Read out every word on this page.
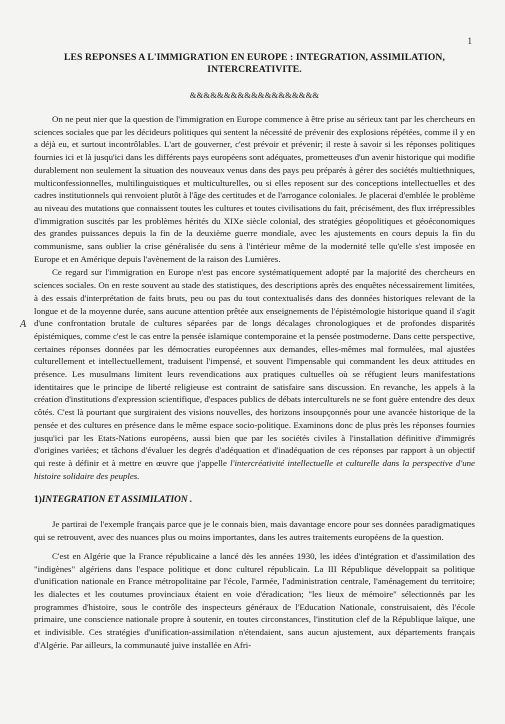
1
LES REPONSES A L'IMMIGRATION EN EUROPE : INTEGRATION, ASSIMILATION, INTERCREATIVITE.
&&&&&&&&&&&&&&&&&&&
A

On ne peut nier que la question de l'immigration en Europe commence à être prise au sérieux tant par les chercheurs en sciences sociales que par les décideurs politiques qui sentent la nécessité de prévenir des explosions répétées, comme il y en a déjà eu, et surtout incontrôlables. L'art de gouverner, c'est prévoir et prévenir; il reste à savoir si les réponses politiques fournies ici et là jusqu'ici dans les différents pays européens sont adéquates, prometteuses d'un avenir historique qui modifie durablement non seulement la situation des nouveaux venus dans des pays peu préparés à gérer des sociétés multiethniques, multiconfessionnelles, multilinguistiques et multiculturelles, ou si elles reposent sur des conceptions intellectuelles et des cadres institutionnels qui renvoient plutôt à l'âge des certitudes et de l'arrogance coloniales. Je placerai d'emblée le problème au niveau des mutations que connaissent toutes les cultures et toutes civilisations du fait, précisément, des flux irrépressibles d'immigration suscités par les problèmes hérités du XIXe siècle colonial, des stratégies géopolitiques et géoéconomiques des grandes puissances depuis la fin de la deuxième guerre mondiale, avec les ajustements en cours depuis la fin du communisme, sans oublier la crise généralisée du sens à l'intérieur même de la modernité telle qu'elle s'est imposée en Europe et en Amérique depuis l'avènement de la raison des Lumières.

Ce regard sur l'immigration en Europe n'est pas encore systématiquement adopté par la majorité des chercheurs en sciences sociales. On en reste souvent au stade des statistiques, des descriptions après des enquêtes nécessairement limitées, à des essais d'interprétation de faits bruts, peu ou pas du tout contextualisés dans des données historiques relevant de la longue et de la moyenne durée, sans aucune attention prêtée aux enseignements de l'épistémologie historique quand il s'agit d'une confrontation brutale de cultures séparées par de longs décalages chronologiques et de profondes disparités épistémiques, comme c'est le cas entre la pensée islamique contemporaine et la pensée postmoderne. Dans cette perspective, certaines réponses données par les démocraties européennes aux demandes, elles-mêmes mal formulées, mal ajustées culturellement et intellectuellement, traduisent l'impensé, et souvent l'impensable qui commandent les deux attitudes en présence. Les musulmans limitent leurs revendications aux pratiques cultuelles où se réfugient leurs manifestations identitaires que le principe de liberté religieuse est contraint de satisfaire sans discussion. En revanche, les appels à la création d'institutions d'expression scientifique, d'espaces publics de débats interculturels ne se font guère entendre des deux côtés. C'est là pourtant que surgiraient des visions nouvelles, des horizons insoupçonnés pour une avancée historique de la pensée et des cultures en présence dans le même espace socio-politique. Examinons donc de plus près les réponses fournies jusqu'ici par les Etats-Nations européens, aussi bien que par les sociétés civiles à l'installation définitive d'immigrés d'origines variées; et tâchons d'évaluer les degrés d'adéquation et d'inadéquation de ces réponses par rapport à un objectif qui reste à définir et à mettre en œuvre que j'appelle l'intercréativité intellectuelle et culturelle dans la perspective d'une histoire solidaire des peuples.

1)INTEGRATION ET ASSIMILATION .

Je partirai de l'exemple français parce que je le connais bien, mais davantage encore pour ses données paradigmatiques qui se retrouvent, avec des nuances plus ou moins importantes, dans les autres traitements européens de la question.

C'est en Algérie que la France républicaine a lancé dès les années 1930, les idées d'intégration et d'assimilation des "indigènes" algériens dans l'espace politique et donc culturel républicain. La III République développait sa politique d'unification nationale en France métropolitaine par l'école, l'armée, l'administration centrale, l'aménagement du territoire; les dialectes et les coutumes provinciaux étaient en voie d'éradication; "les lieux de mémoire" sélectionnés par les programmes d'histoire, sous le contrôle des inspecteurs généraux de l'Education Nationale, construisaient, dès l'école primaire, une conscience nationale propre à soutenir, en toutes circonstances, l'institution clef de la République laïque, une et indivisible. Ces stratégies d'unification-assimilation n'étendaient, sans aucun ajustement, aux départements français d'Algérie. Par ailleurs, la communauté juive installée en Afri-
